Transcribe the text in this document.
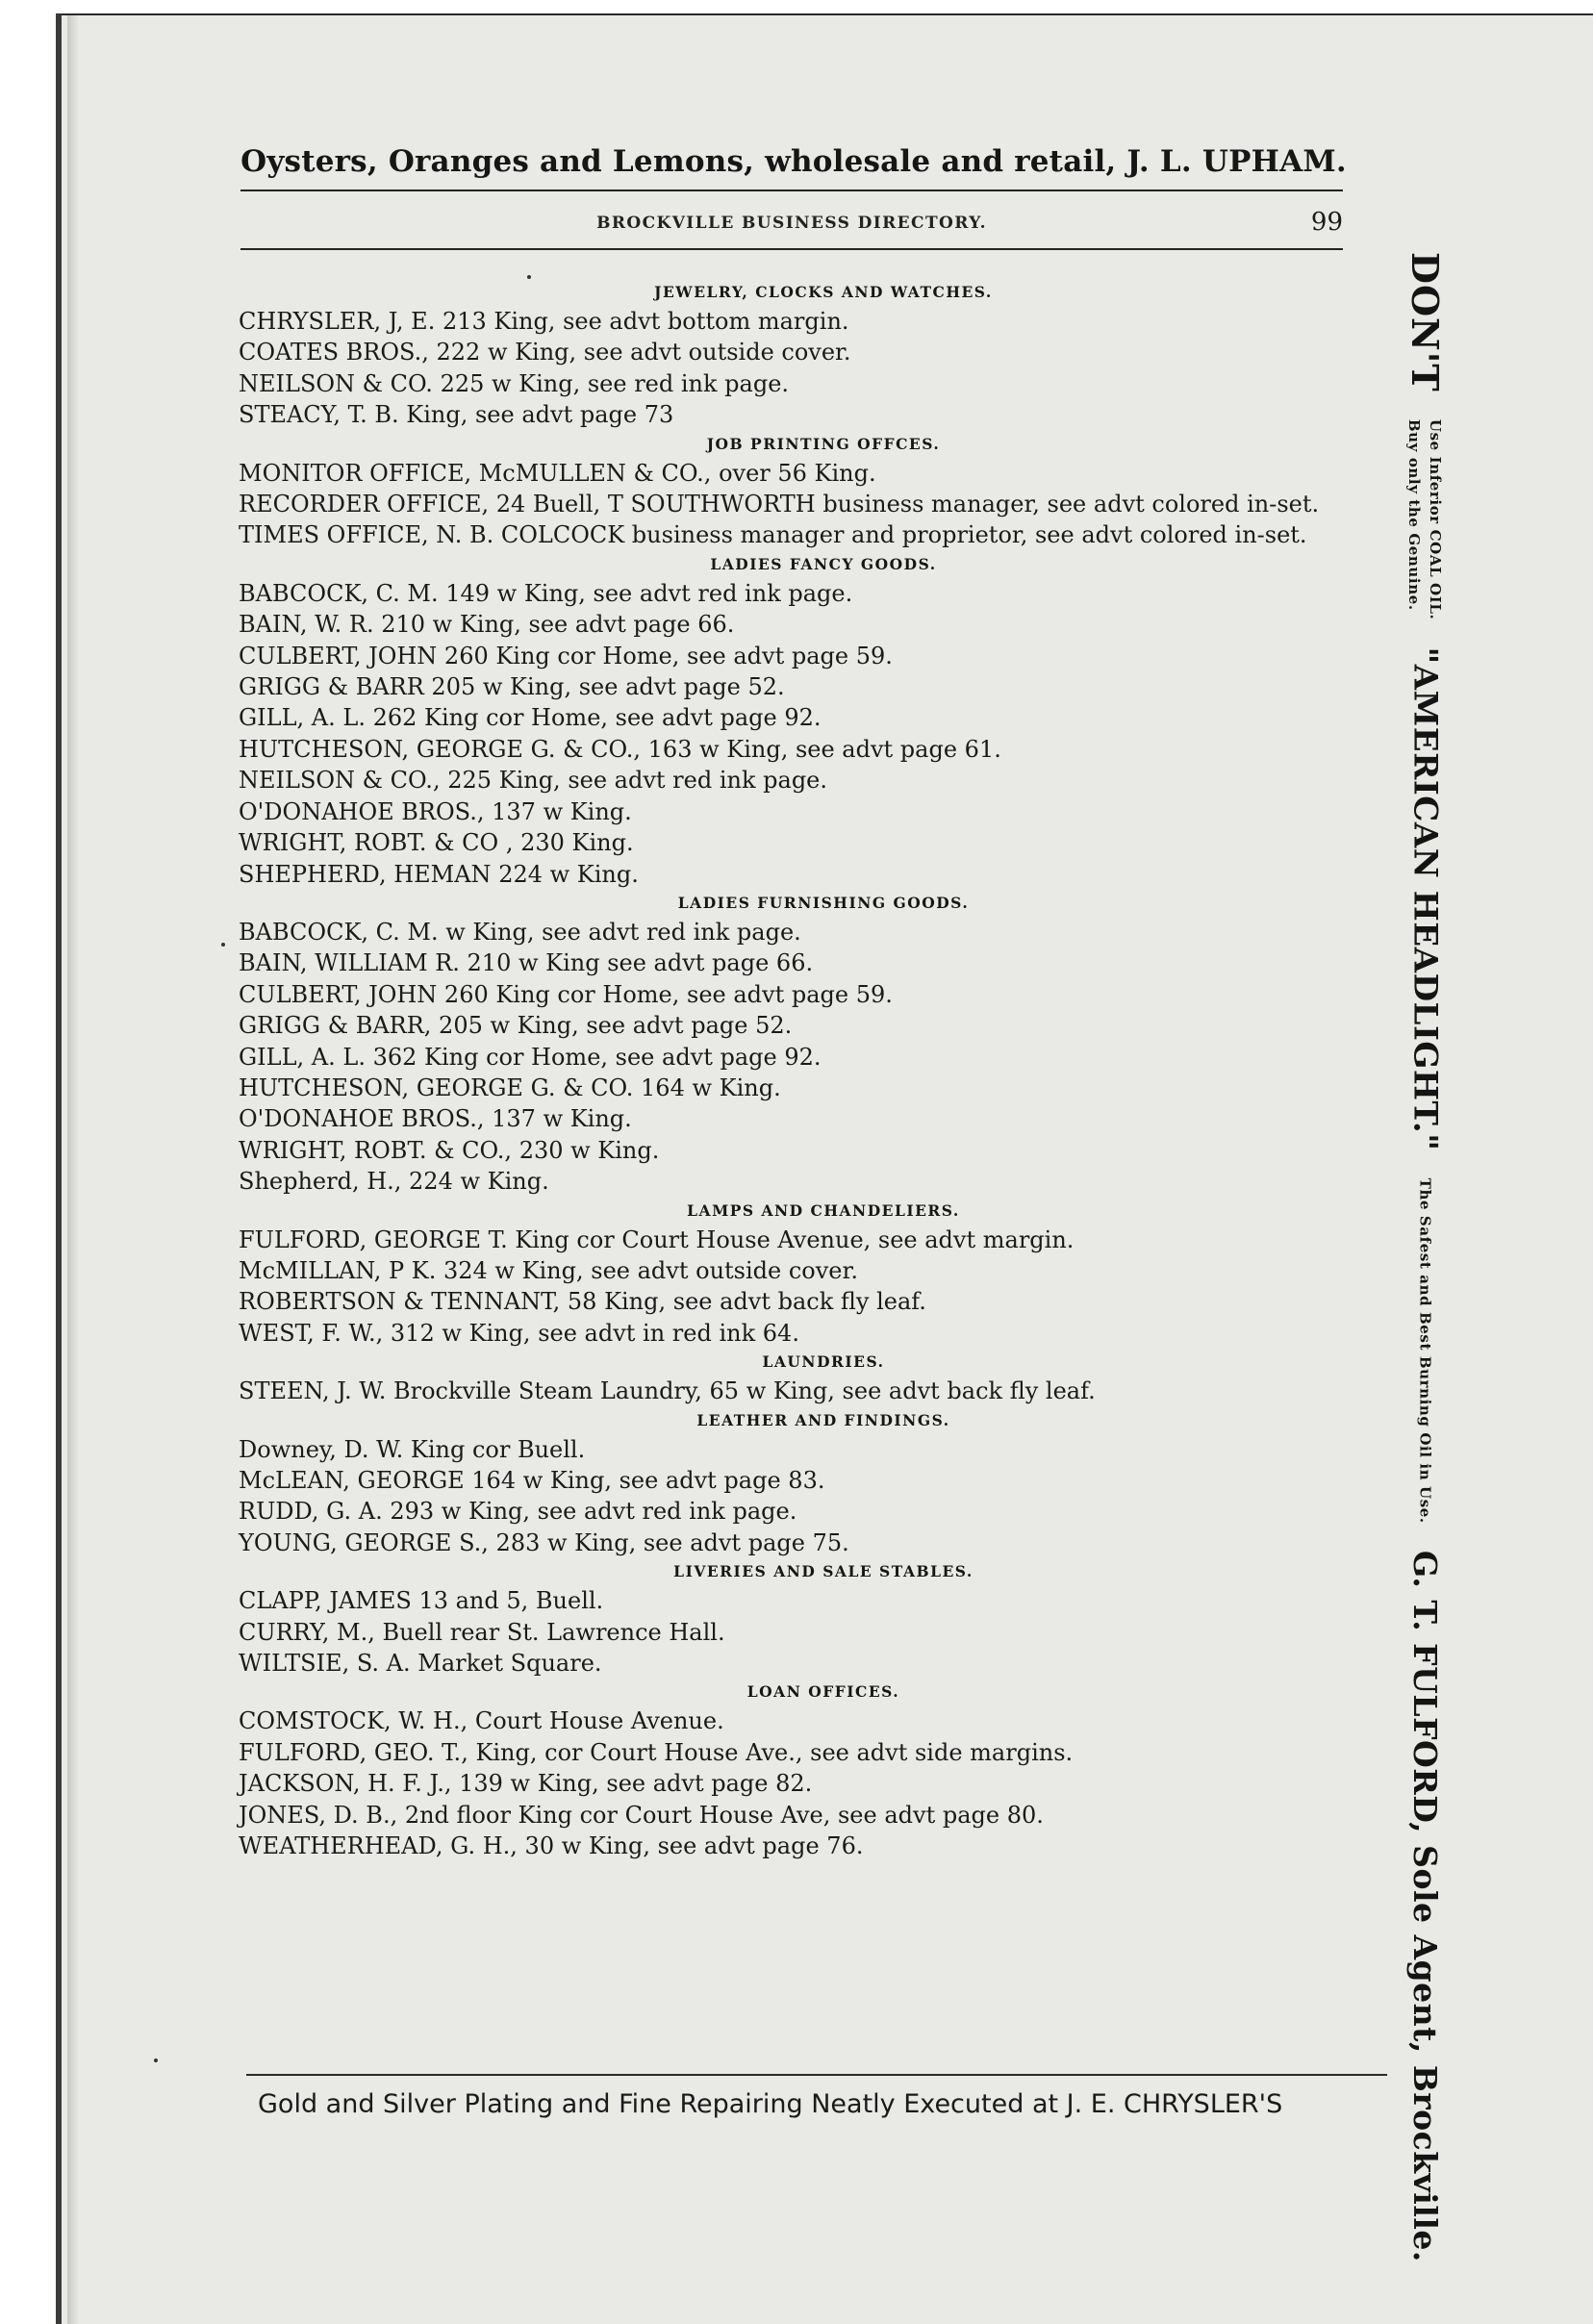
Oysters, Oranges and Lemons, wholesale and retail, J. L. UPHAM.
BROCKVILLE BUSINESS DIRECTORY.	99
JEWELRY, CLOCKS AND WATCHES.
CHRYSLER, J, E. 213 King, see advt bottom margin.
COATES BROS., 222 w King, see advt outside cover.
NEILSON & CO. 225 w King, see red ink page.
STEACY, T. B. King, see advt page 73
JOB PRINTING OFFCES.
MONITOR OFFICE, McMULLEN & CO., over 56 King.
RECORDER OFFICE, 24 Buell, T SOUTHWORTH business manager, see advt colored in-set.
TIMES OFFICE, N. B. COLCOCK business manager and proprietor, see advt colored in-set.
LADIES FANCY GOODS.
BABCOCK, C. M. 149 w King, see advt red ink page.
BAIN, W. R. 210 w King, see advt page 66.
CULBERT, JOHN 260 King cor Home, see advt page 59.
GRIGG & BARR 205 w King, see advt page 52.
GILL, A. L. 262 King cor Home, see advt page 92.
HUTCHESON, GEORGE G. & CO., 163 w King, see advt page 61.
NEILSON & CO., 225 King, see advt red ink page.
O'DONAHOE BROS., 137 w King.
WRIGHT, ROBT. & CO , 230 King.
SHEPHERD, HEMAN 224 w King.
LADIES FURNISHING GOODS.
BABCOCK, C. M. w King, see advt red ink page.
BAIN, WILLIAM R. 210 w King see advt page 66.
CULBERT, JOHN 260 King cor Home, see advt page 59.
GRIGG & BARR, 205 w King, see advt page 52.
GILL, A. L. 362 King cor Home, see advt page 92.
HUTCHESON, GEORGE G. & CO. 164 w King.
O'DONAHOE BROS., 137 w King.
WRIGHT, ROBT. & CO., 230 w King.
Shepherd, H., 224 w King.
LAMPS AND CHANDELIERS.
FULFORD, GEORGE T. King cor Court House Avenue, see advt margin.
McMILLAN, P K. 324 w King, see advt outside cover.
ROBERTSON & TENNANT, 58 King, see advt back fly leaf.
WEST, F. W., 312 w King, see advt in red ink 64.
LAUNDRIES.
STEEN, J. W. Brockville Steam Laundry, 65 w King, see advt back fly leaf.
LEATHER AND FINDINGS.
Downey, D. W. King cor Buell.
McLEAN, GEORGE 164 w King, see advt page 83.
RUDD, G. A. 293 w King, see advt red ink page.
YOUNG, GEORGE S., 283 w King, see advt page 75.
LIVERIES AND SALE STABLES.
CLAPP, JAMES 13 and 5, Buell.
CURRY, M., Buell rear St. Lawrence Hall.
WILTSIE, S. A. Market Square.
LOAN OFFICES.
COMSTOCK, W. H., Court House Avenue.
FULFORD, GEO. T., King, cor Court House Ave., see advt side margins.
JACKSON, H. F. J., 139 w King, see advt page 82.
JONES, D. B., 2nd floor King cor Court House Ave, see advt page 80.
WEATHERHEAD, G. H., 30 w King, see advt page 76.
DON'T
Use Inferior COAL OIL.
Buy only the Genuine.
"AMERICAN HEADLIGHT."  The Safest and Best Burning Oil in Use.  G. T. FULFORD, Sole Agent, Brockville.
Gold and Silver Plating and Fine Repairing Neatly Executed at J. E. CHRYSLER'S
